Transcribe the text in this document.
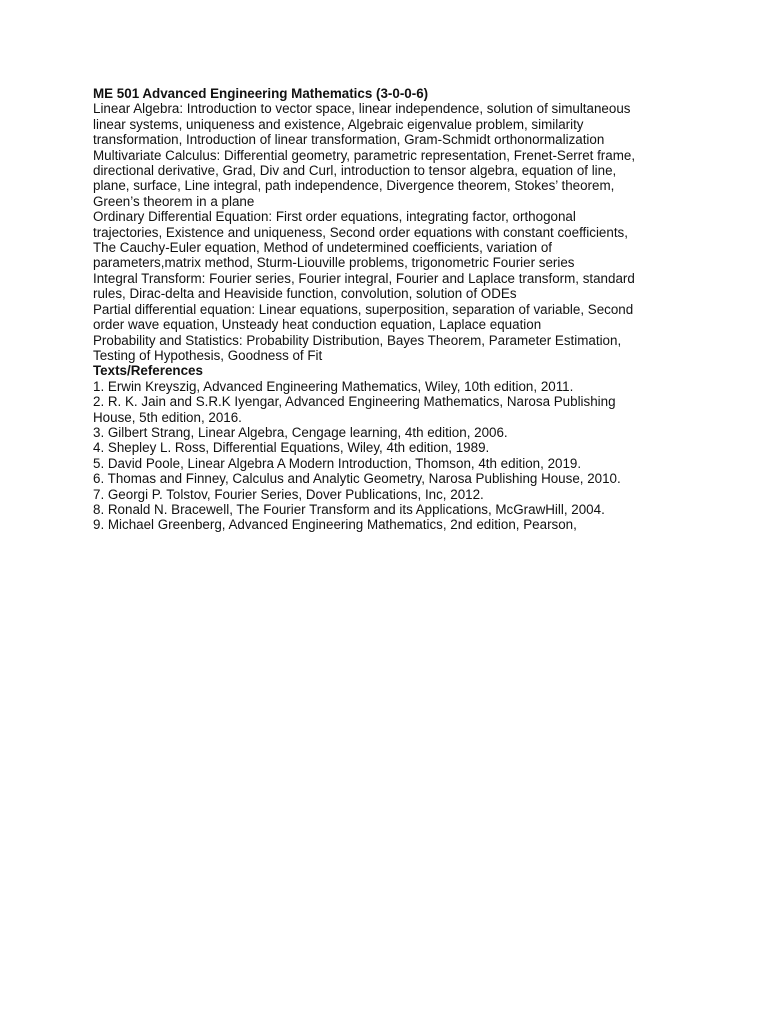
ME 501 Advanced Engineering Mathematics (3-0-0-6)
Linear Algebra: Introduction to vector space, linear independence, solution of simultaneous
linear systems, uniqueness and existence, Algebraic eigenvalue problem, similarity
transformation, Introduction of linear transformation, Gram-Schmidt orthonormalization
Multivariate Calculus: Differential geometry, parametric representation, Frenet-Serret frame,
directional derivative, Grad, Div and Curl, introduction to tensor algebra, equation of line,
plane, surface, Line integral, path independence, Divergence theorem, Stokes’ theorem,
Green’s theorem in a plane
Ordinary Differential Equation: First order equations, integrating factor, orthogonal
trajectories, Existence and uniqueness, Second order equations with constant coefficients,
The Cauchy-Euler equation, Method of undetermined coefficients, variation of
parameters,matrix method, Sturm-Liouville problems, trigonometric Fourier series
Integral Transform: Fourier series, Fourier integral, Fourier and Laplace transform, standard
rules, Dirac-delta and Heaviside function, convolution, solution of ODEs
Partial differential equation: Linear equations, superposition, separation of variable, Second
order wave equation, Unsteady heat conduction equation, Laplace equation
Probability and Statistics: Probability Distribution, Bayes Theorem, Parameter Estimation,
Testing of Hypothesis, Goodness of Fit
Texts/References
1. Erwin Kreyszig, Advanced Engineering Mathematics, Wiley, 10th edition, 2011.
2. R. K. Jain and S.R.K Iyengar, Advanced Engineering Mathematics, Narosa Publishing
House, 5th edition, 2016.
3. Gilbert Strang, Linear Algebra, Cengage learning, 4th edition, 2006.
4. Shepley L. Ross, Differential Equations, Wiley, 4th edition, 1989.
5. David Poole, Linear Algebra A Modern Introduction, Thomson, 4th edition, 2019.
6. Thomas and Finney, Calculus and Analytic Geometry, Narosa Publishing House, 2010.
7. Georgi P. Tolstov, Fourier Series, Dover Publications, Inc, 2012.
8. Ronald N. Bracewell, The Fourier Transform and its Applications, McGrawHill, 2004.
9. Michael Greenberg, Advanced Engineering Mathematics, 2nd edition, Pearson,
